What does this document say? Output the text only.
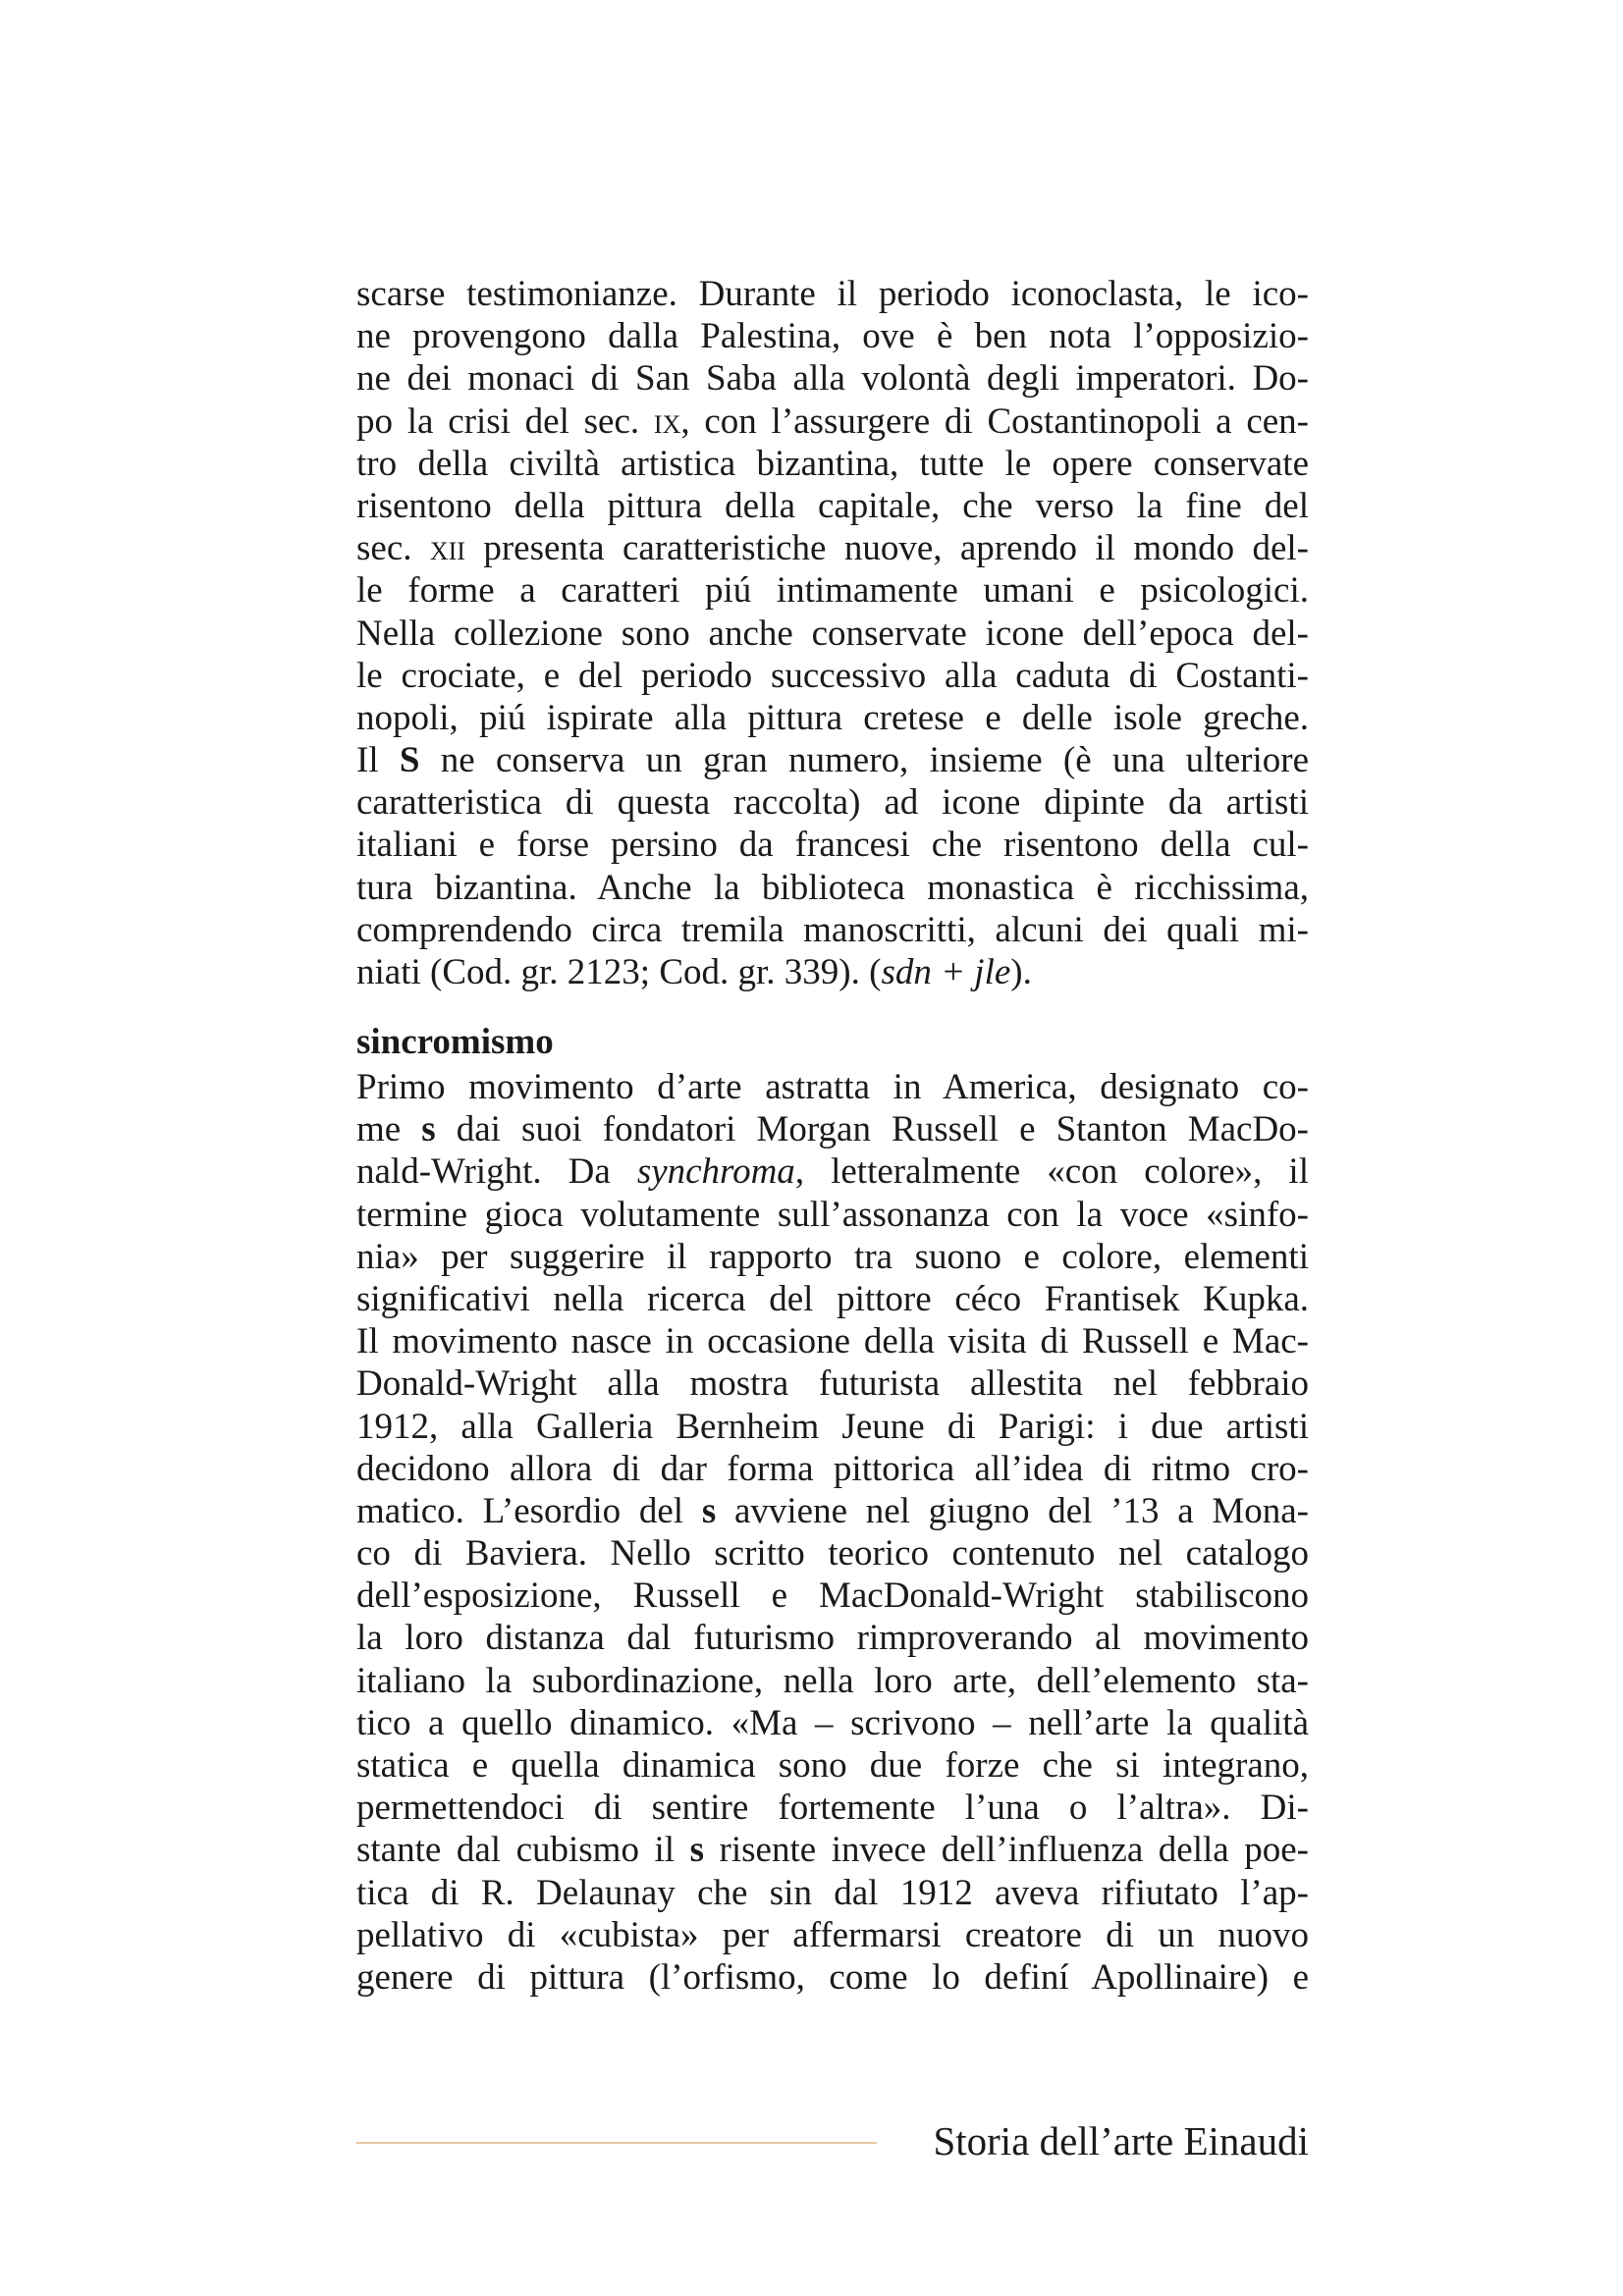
scarse testimonianze. Durante il periodo iconoclasta, le ico-
ne provengono dalla Palestina, ove è ben nota l’opposizio-
ne dei monaci di San Saba alla volontà degli imperatori. Do-
po la crisi del sec. ix, con l’assurgere di Costantinopoli a cen-
tro della civiltà artistica bizantina, tutte le opere conservate
risentono della pittura della capitale, che verso la fine del
sec. xii presenta caratteristiche nuove, aprendo il mondo del-
le forme a caratteri piú intimamente umani e psicologici.
Nella collezione sono anche conservate icone dell’epoca del-
le crociate, e del periodo successivo alla caduta di Costanti-
nopoli, piú ispirate alla pittura cretese e delle isole greche.
Il S ne conserva un gran numero, insieme (è una ulteriore
caratteristica di questa raccolta) ad icone dipinte da artisti
italiani e forse persino da francesi che risentono della cul-
tura bizantina. Anche la biblioteca monastica è ricchissima,
comprendendo circa tremila manoscritti, alcuni dei quali mi-
niati (Cod. gr. 2123; Cod. gr. 339). (sdn + jle).
sincromismo
Primo movimento d’arte astratta in America, designato co-
me s dai suoi fondatori Morgan Russell e Stanton MacDo-
nald-Wright. Da synchroma, letteralmente «con colore», il
termine gioca volutamente sull’assonanza con la voce «sinfo-
nia» per suggerire il rapporto tra suono e colore, elementi
significativi nella ricerca del pittore céco Frantisek Kupka.
Il movimento nasce in occasione della visita di Russell e Mac-
Donald-Wright alla mostra futurista allestita nel febbraio
1912, alla Galleria Bernheim Jeune di Parigi: i due artisti
decidono allora di dar forma pittorica all’idea di ritmo cro-
matico. L’esordio del s avviene nel giugno del ’13 a Mona-
co di Baviera. Nello scritto teorico contenuto nel catalogo
dell’esposizione, Russell e MacDonald-Wright stabiliscono
la loro distanza dal futurismo rimproverando al movimento
italiano la subordinazione, nella loro arte, dell’elemento sta-
tico a quello dinamico. «Ma – scrivono – nell’arte la qualità
statica e quella dinamica sono due forze che si integrano,
permettendoci di sentire fortemente l’una o l’altra». Di-
stante dal cubismo il s risente invece dell’influenza della poe-
tica di R. Delaunay che sin dal 1912 aveva rifiutato l’ap-
pellativo di «cubista» per affermarsi creatore di un nuovo
genere di pittura (l’orfismo, come lo definí Apollinaire) e
Storia dell’arte Einaudi
